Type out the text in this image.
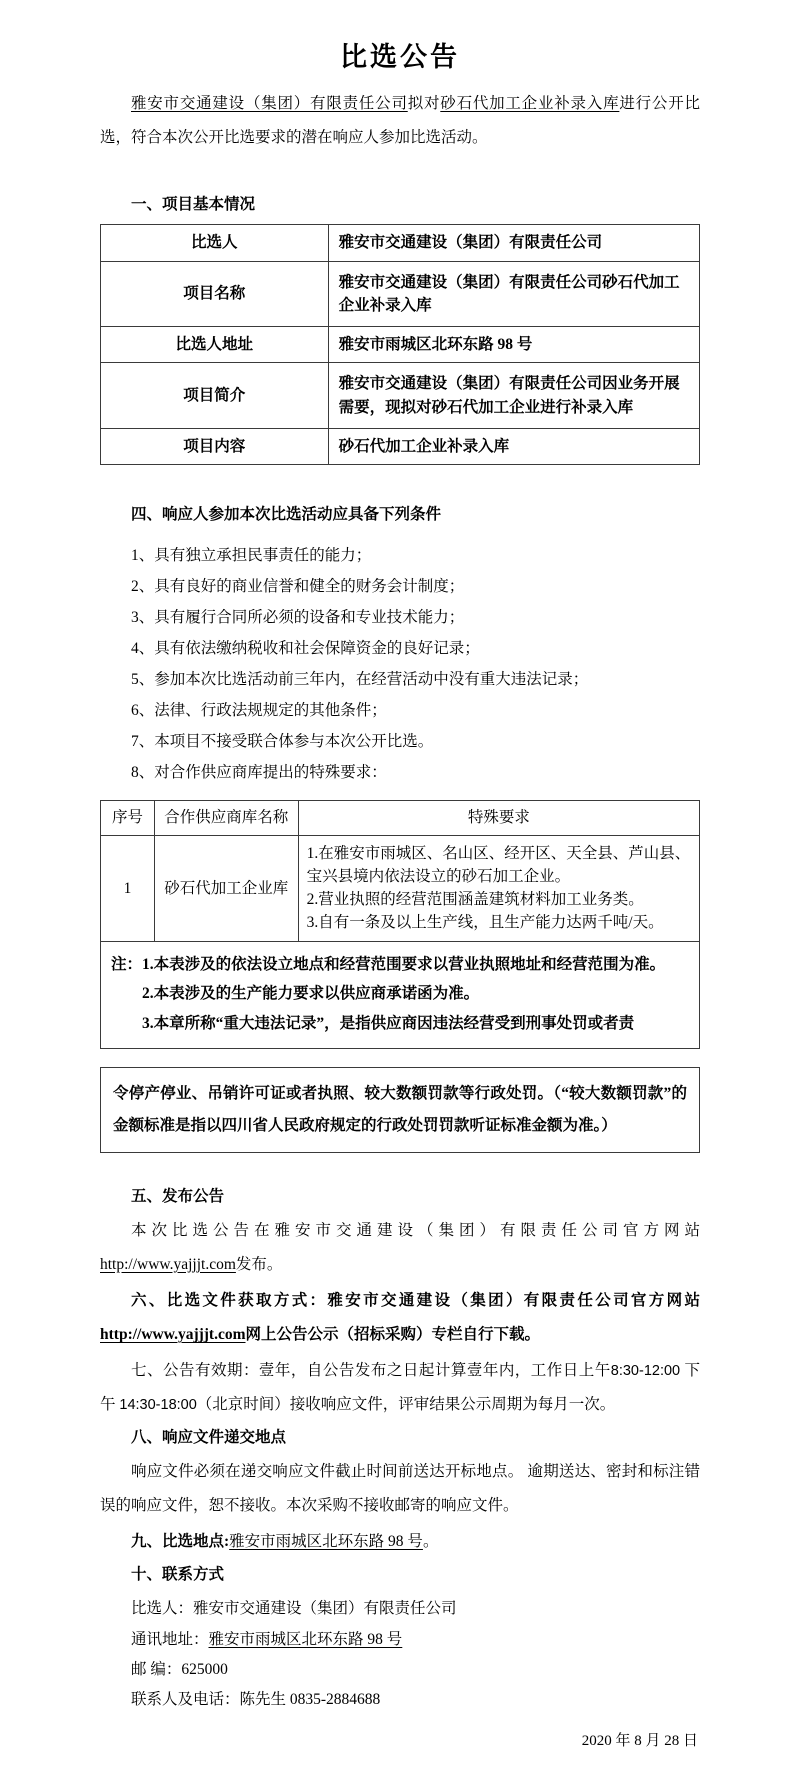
比选公告

雅安市交通建设（集团）有限责任公司拟对砂石代加工企业补录入库进行公开比选，符合本次公开比选要求的潜在响应人参加比选活动。

一、项目基本情况
比选人	雅安市交通建设（集团）有限责任公司
项目名称	雅安市交通建设（集团）有限责任公司砂石代加工企业补录入库
比选人地址	雅安市雨城区北环东路 98 号
项目简介	雅安市交通建设（集团）有限责任公司因业务开展需要，现拟对砂石代加工企业进行补录入库
项目内容	砂石代加工企业补录入库
四、响应人参加本次比选活动应具备下列条件
1、具有独立承担民事责任的能力；
2、具有良好的商业信誉和健全的财务会计制度；
3、具有履行合同所必须的设备和专业技术能力；
4、具有依法缴纳税收和社会保障资金的良好记录；
5、参加本次比选活动前三年内，在经营活动中没有重大违法记录；
6、法律、行政法规规定的其他条件；
7、本项目不接受联合体参与本次公开比选。
8、对合作供应商库提出的特殊要求：
序号	合作供应商库名称	特殊要求
1	砂石代加工企业库	1.在雅安市雨城区、名山区、经开区、天全县、芦山县、宝兴县境内依法设立的砂石加工企业。
2.营业执照的经营范围涵盖建筑材料加工业务类。
3.自有一条及以上生产线，且生产能力达两千吨/天。

注：1.本表涉及的依法设立地点和经营范围要求以营业执照地址和经营范围为准。
2.本表涉及的生产能力要求以供应商承诺函为准。
3.本章所称“重大违法记录”，是指供应商因违法经营受到刑事处罚或者责		
令停产停业、吊销许可证或者执照、较大数额罚款等行政处罚。（“较大数额罚款”的金额标准是指以四川省人民政府规定的行政处罚罚款听证标准金额为准。）
五、发布公告

本次比选公告在雅安市交通建设（集团）有限责任公司官方网站http://www.yajjjt.com发布。

六、比选文件获取方式：雅安市交通建设（集团）有限责任公司官方网站http://www.yajjjt.com网上公告公示（招标采购）专栏自行下载。

七、公告有效期：壹年，自公告发布之日起计算壹年内，工作日上午8:30-12:00 下午 14:30-18:00（北京时间）接收响应文件，评审结果公示周期为每月一次。

八、响应文件递交地点

响应文件必须在递交响应文件截止时间前送达开标地点。 逾期送达、密封和标注错误的响应文件，恕不接收。本次采购不接收邮寄的响应文件。

九、比选地点:雅安市雨城区北环东路 98 号。
十、联系方式
比选人：雅安市交通建设（集团）有限责任公司
通讯地址：雅安市雨城区北环东路 98 号
邮 编：625000
联系人及电话：陈先生 0835-2884688
2020 年 8 月 28 日
